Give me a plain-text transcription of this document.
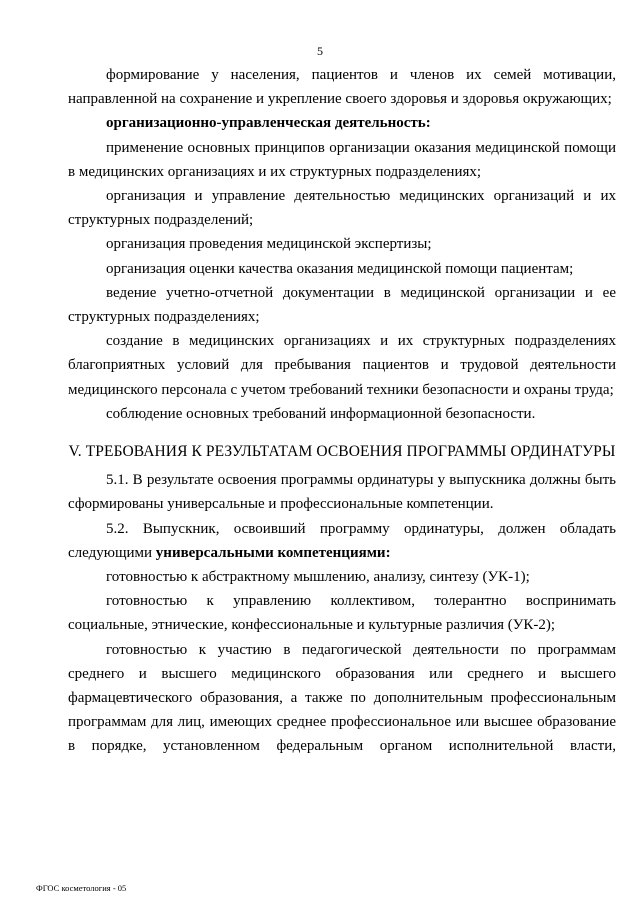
5

формирование у населения, пациентов и членов их семей мотивации, направленной на сохранение и укрепление своего здоровья и здоровья окружающих;

организационно-управленческая деятельность:

применение основных принципов организации оказания медицинской помощи в медицинских организациях и их структурных подразделениях;

организация и управление деятельностью медицинских организаций и их структурных подразделений;

организация проведения медицинской экспертизы;

организация оценки качества оказания медицинской помощи пациентам;

ведение учетно-отчетной документации в медицинской организации и ее структурных подразделениях;

создание в медицинских организациях и их структурных подразделениях благоприятных условий для пребывания пациентов и трудовой деятельности медицинского персонала с учетом требований техники безопасности и охраны труда;

соблюдение основных требований информационной безопасности.

V. ТРЕБОВАНИЯ К РЕЗУЛЬТАТАМ ОСВОЕНИЯ ПРОГРАММЫ ОРДИНАТУРЫ

5.1. В результате освоения программы ординатуры у выпускника должны быть сформированы универсальные и профессиональные компетенции.

5.2. Выпускник, освоивший программу ординатуры, должен обладать следующими универсальными компетенциями:

готовностью к абстрактному мышлению, анализу, синтезу (УК-1);

готовностью к управлению коллективом, толерантно воспринимать социальные, этнические, конфессиональные и культурные различия (УК-2);

готовностью к участию в педагогической деятельности по программам среднего и высшего медицинского образования или среднего и высшего фармацевтического образования, а также по дополнительным профессиональным программам для лиц, имеющих среднее профессиональное или высшее образование в порядке, установленном федеральным органом исполнительной власти,

ФГОС косметология - 05
